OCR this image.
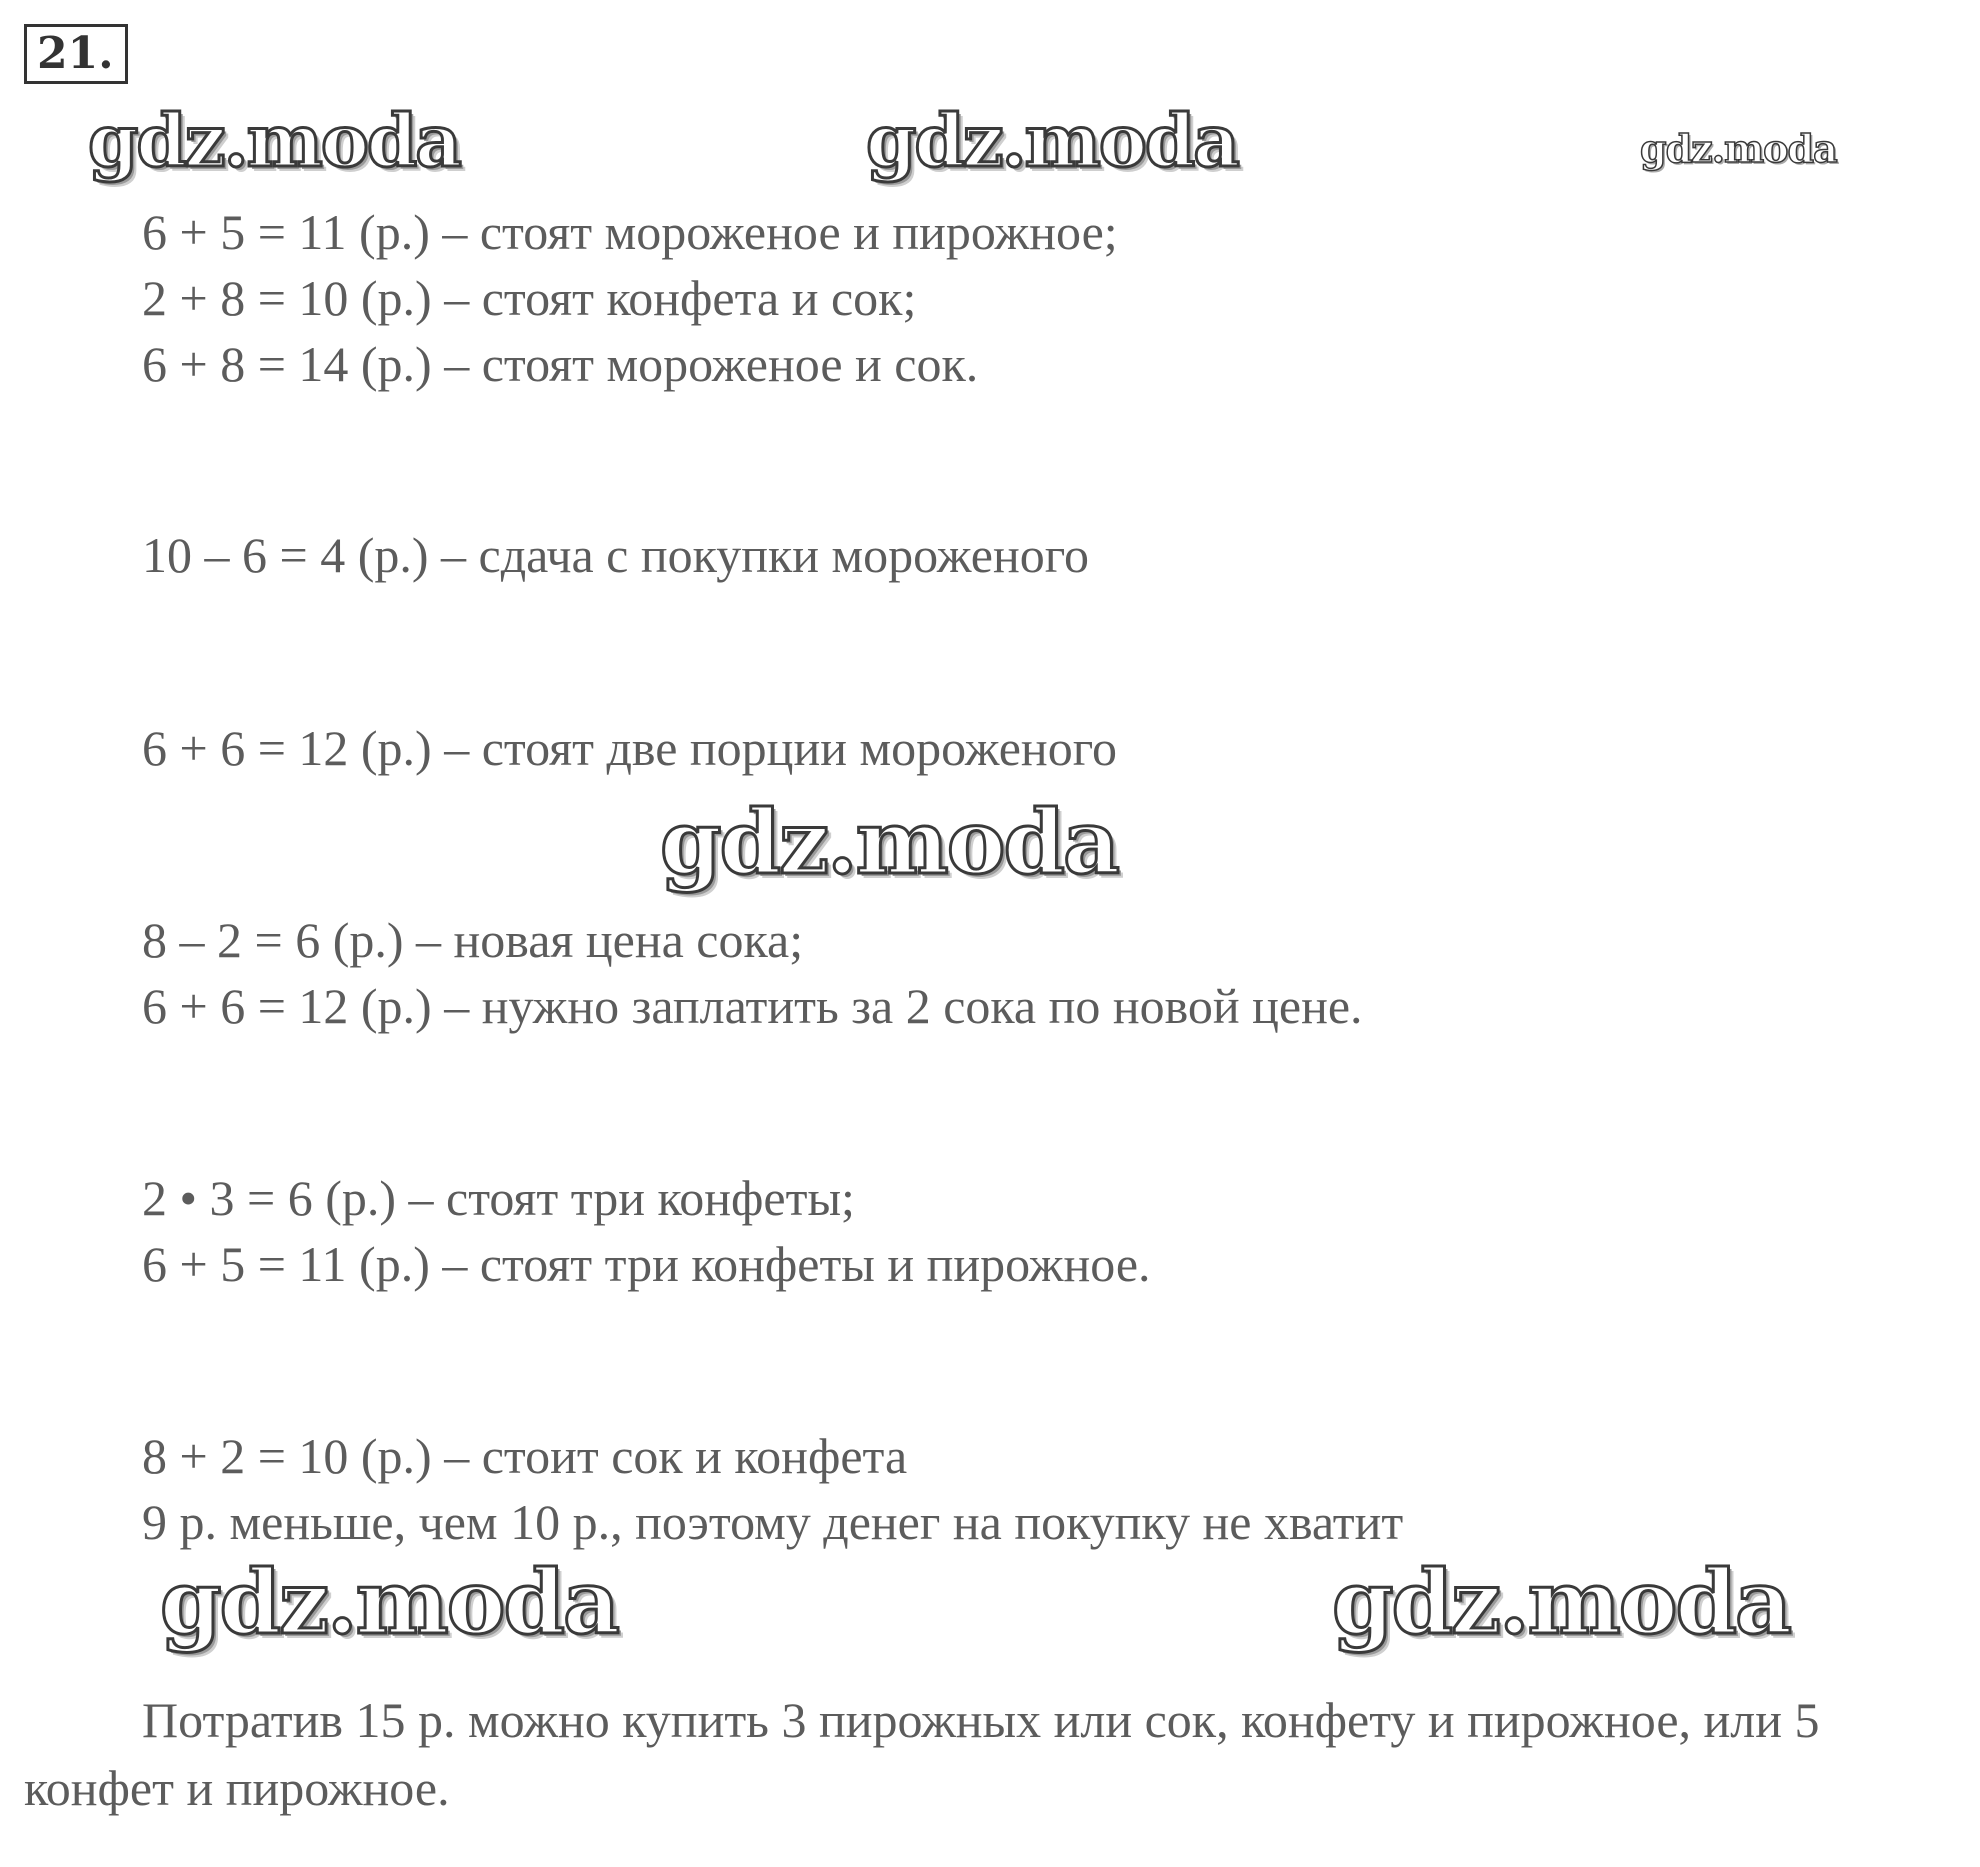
21.
gdz.moda	gdz.moda	gdz.moda
6 + 5 = 11 (р.) – стоят мороженое и пирожное;
2 + 8 = 10 (р.) – стоят конфета и сок;
6 + 8 = 14 (р.) – стоят мороженое и сок.
10 – 6 = 4 (р.) – сдача с покупки мороженого
6 + 6 = 12 (р.) – стоят две порции мороженого
gdz.moda
8 – 2 = 6 (р.) – новая цена сока;
6 + 6 = 12 (р.) – нужно заплатить за 2 сока по новой цене.
2 • 3 = 6 (р.) – стоят три конфеты;
6 + 5 = 11 (р.) – стоят три конфеты и пирожное.
8 + 2 = 10 (р.) – стоит сок и конфета
9 р. меньше, чем 10 р., поэтому денег на покупку не хватит
gdz.moda	gdz.moda
Потратив 15 р. можно купить 3 пирожных или сок, конфету и пирожное, или 5 конфет и пирожное.
